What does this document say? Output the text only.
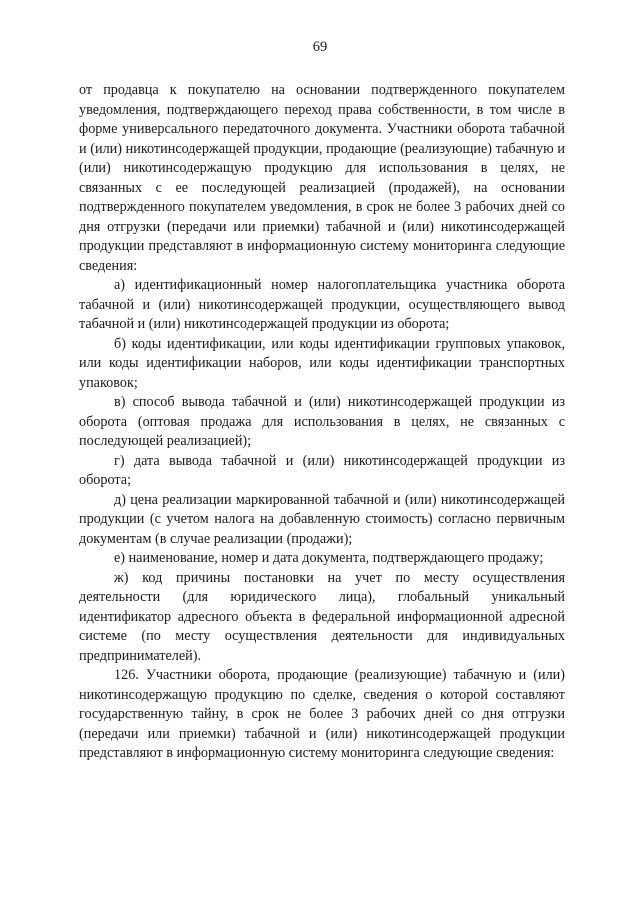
69

от продавца к покупателю на основании подтвержденного покупателем уведомления, подтверждающего переход права собственности, в том числе в форме универсального передаточного документа. Участники оборота табачной и (или) никотинсодержащей продукции, продающие (реализующие) табачную и (или) никотинсодержащую продукцию для использования в целях, не связанных с ее последующей реализацией (продажей), на основании подтвержденного покупателем уведомления, в срок не более 3 рабочих дней со дня отгрузки (передачи или приемки) табачной и (или) никотинсодержащей продукции представляют в информационную систему мониторинга следующие сведения:

а) идентификационный номер налогоплательщика участника оборота табачной и (или) никотинсодержащей продукции, осуществляющего вывод табачной и (или) никотинсодержащей продукции из оборота;

б) коды идентификации, или коды идентификации групповых упаковок, или коды идентификации наборов, или коды идентификации транспортных упаковок;

в) способ вывода табачной и (или) никотинсодержащей продукции из оборота (оптовая продажа для использования в целях, не связанных с последующей реализацией);

г) дата вывода табачной и (или) никотинсодержащей продукции из оборота;

д) цена реализации маркированной табачной и (или) никотинсодержащей продукции (с учетом налога на добавленную стоимость) согласно первичным документам (в случае реализации (продажи);

е) наименование, номер и дата документа, подтверждающего продажу;

ж) код причины постановки на учет по месту осуществления деятельности (для юридического лица), глобальный уникальный идентификатор адресного объекта в федеральной информационной адресной системе (по месту осуществления деятельности для индивидуальных предпринимателей).

126. Участники оборота, продающие (реализующие) табачную и (или) никотинсодержащую продукцию по сделке, сведения о которой составляют государственную тайну, в срок не более 3 рабочих дней со дня отгрузки (передачи или приемки) табачной и (или) никотинсодержащей продукции представляют в информационную систему мониторинга следующие сведения:
